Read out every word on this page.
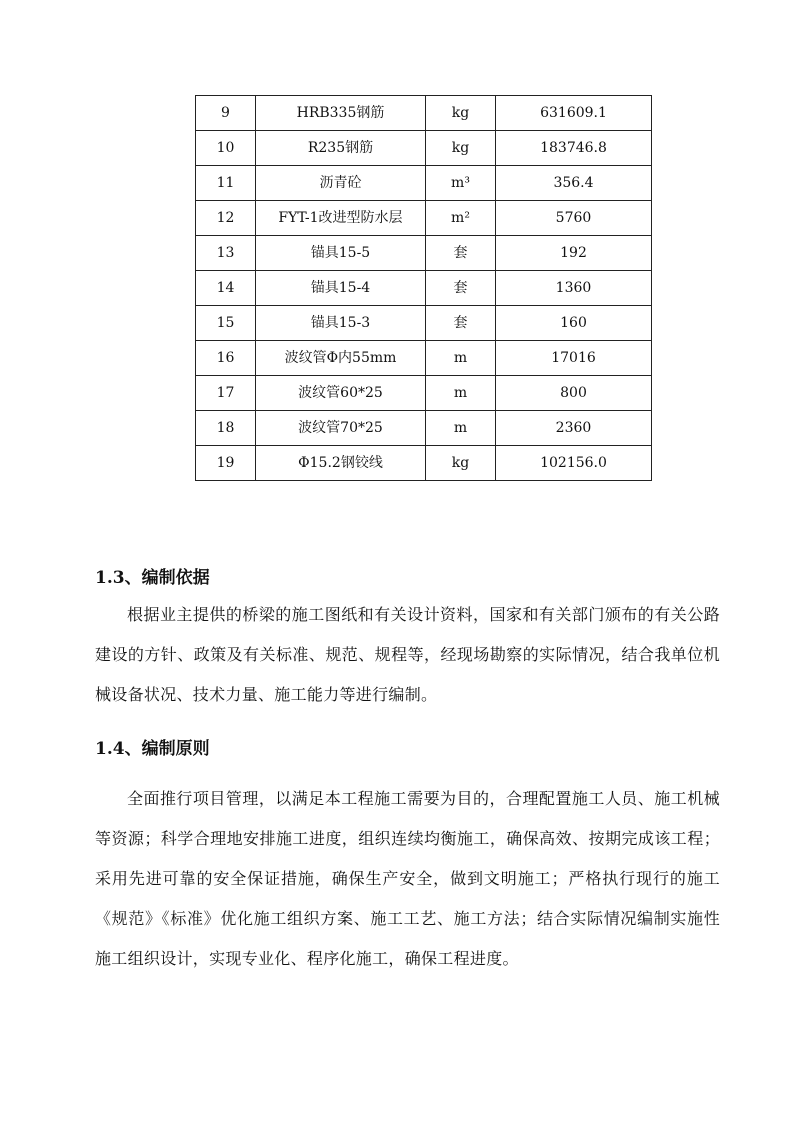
9	HRB335钢筋	kg	631609.1
10	R235钢筋	kg	183746.8
11	沥青砼	m³	356.4
12	FYT-1改进型防水层	m²	5760
13	锚具15-5	套	192
14	锚具15-4	套	1360
15	锚具15-3	套	160
16	波纹管Φ内55mm	m	17016
17	波纹管60*25	m	800
18	波纹管70*25	m	2360
19	Φ15.2钢铰线	kg	102156.0
1.3、编制依据
根据业主提供的桥梁的施工图纸和有关设计资料，国家和有关部门颁布的有关公路建设的方针、政策及有关标准、规范、规程等，经现场勘察的实际情况，结合我单位机械设备状况、技术力量、施工能力等进行编制。
1.4、编制原则
全面推行项目管理，以满足本工程施工需要为目的，合理配置施工人员、施工机械等资源；科学合理地安排施工进度，组织连续均衡施工，确保高效、按期完成该工程；采用先进可靠的安全保证措施，确保生产安全，做到文明施工；严格执行现行的施工《规范》《标准》优化施工组织方案、施工工艺、施工方法；结合实际情况编制实施性施工组织设计，实现专业化、程序化施工，确保工程进度。
